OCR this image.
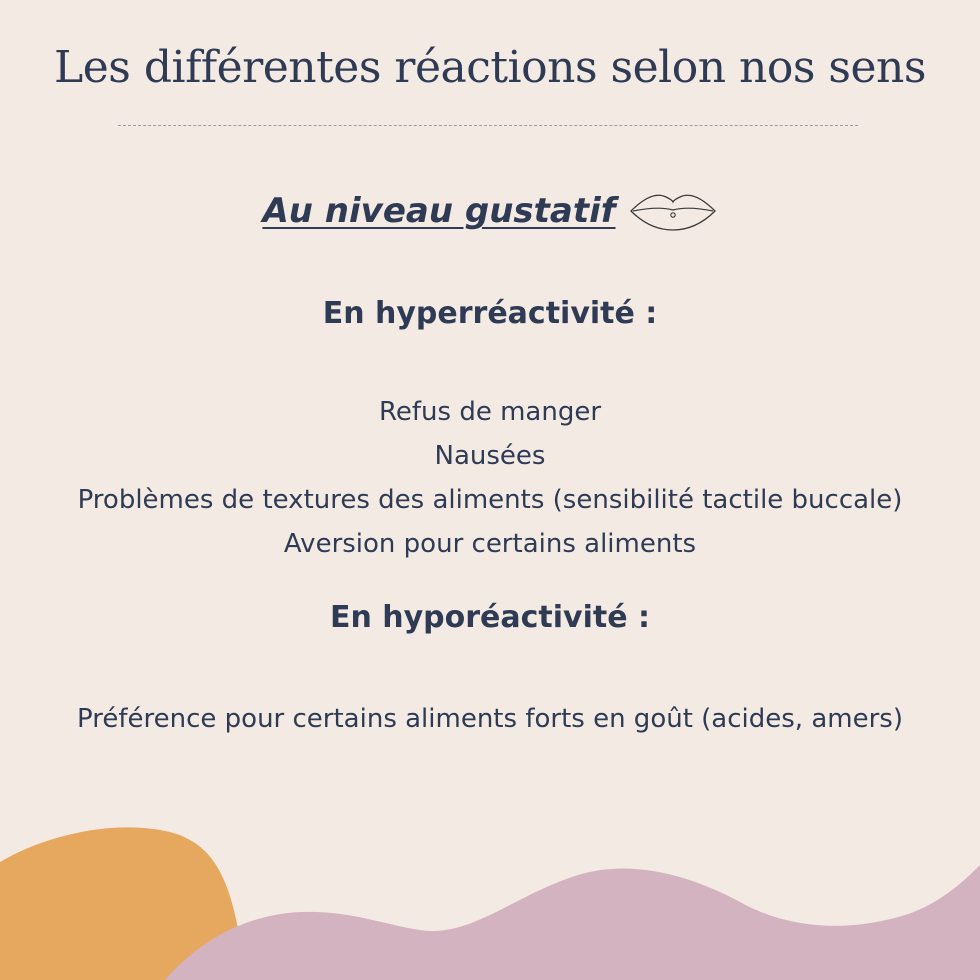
Les différentes réactions selon nos sens
Au niveau gustatif
En hyperréactivité :
Refus de manger
Nausées
Problèmes de textures des aliments (sensibilité tactile buccale)
Aversion pour certains aliments
En hyporéactivité :
Préférence pour certains aliments forts en goût (acides, amers)
